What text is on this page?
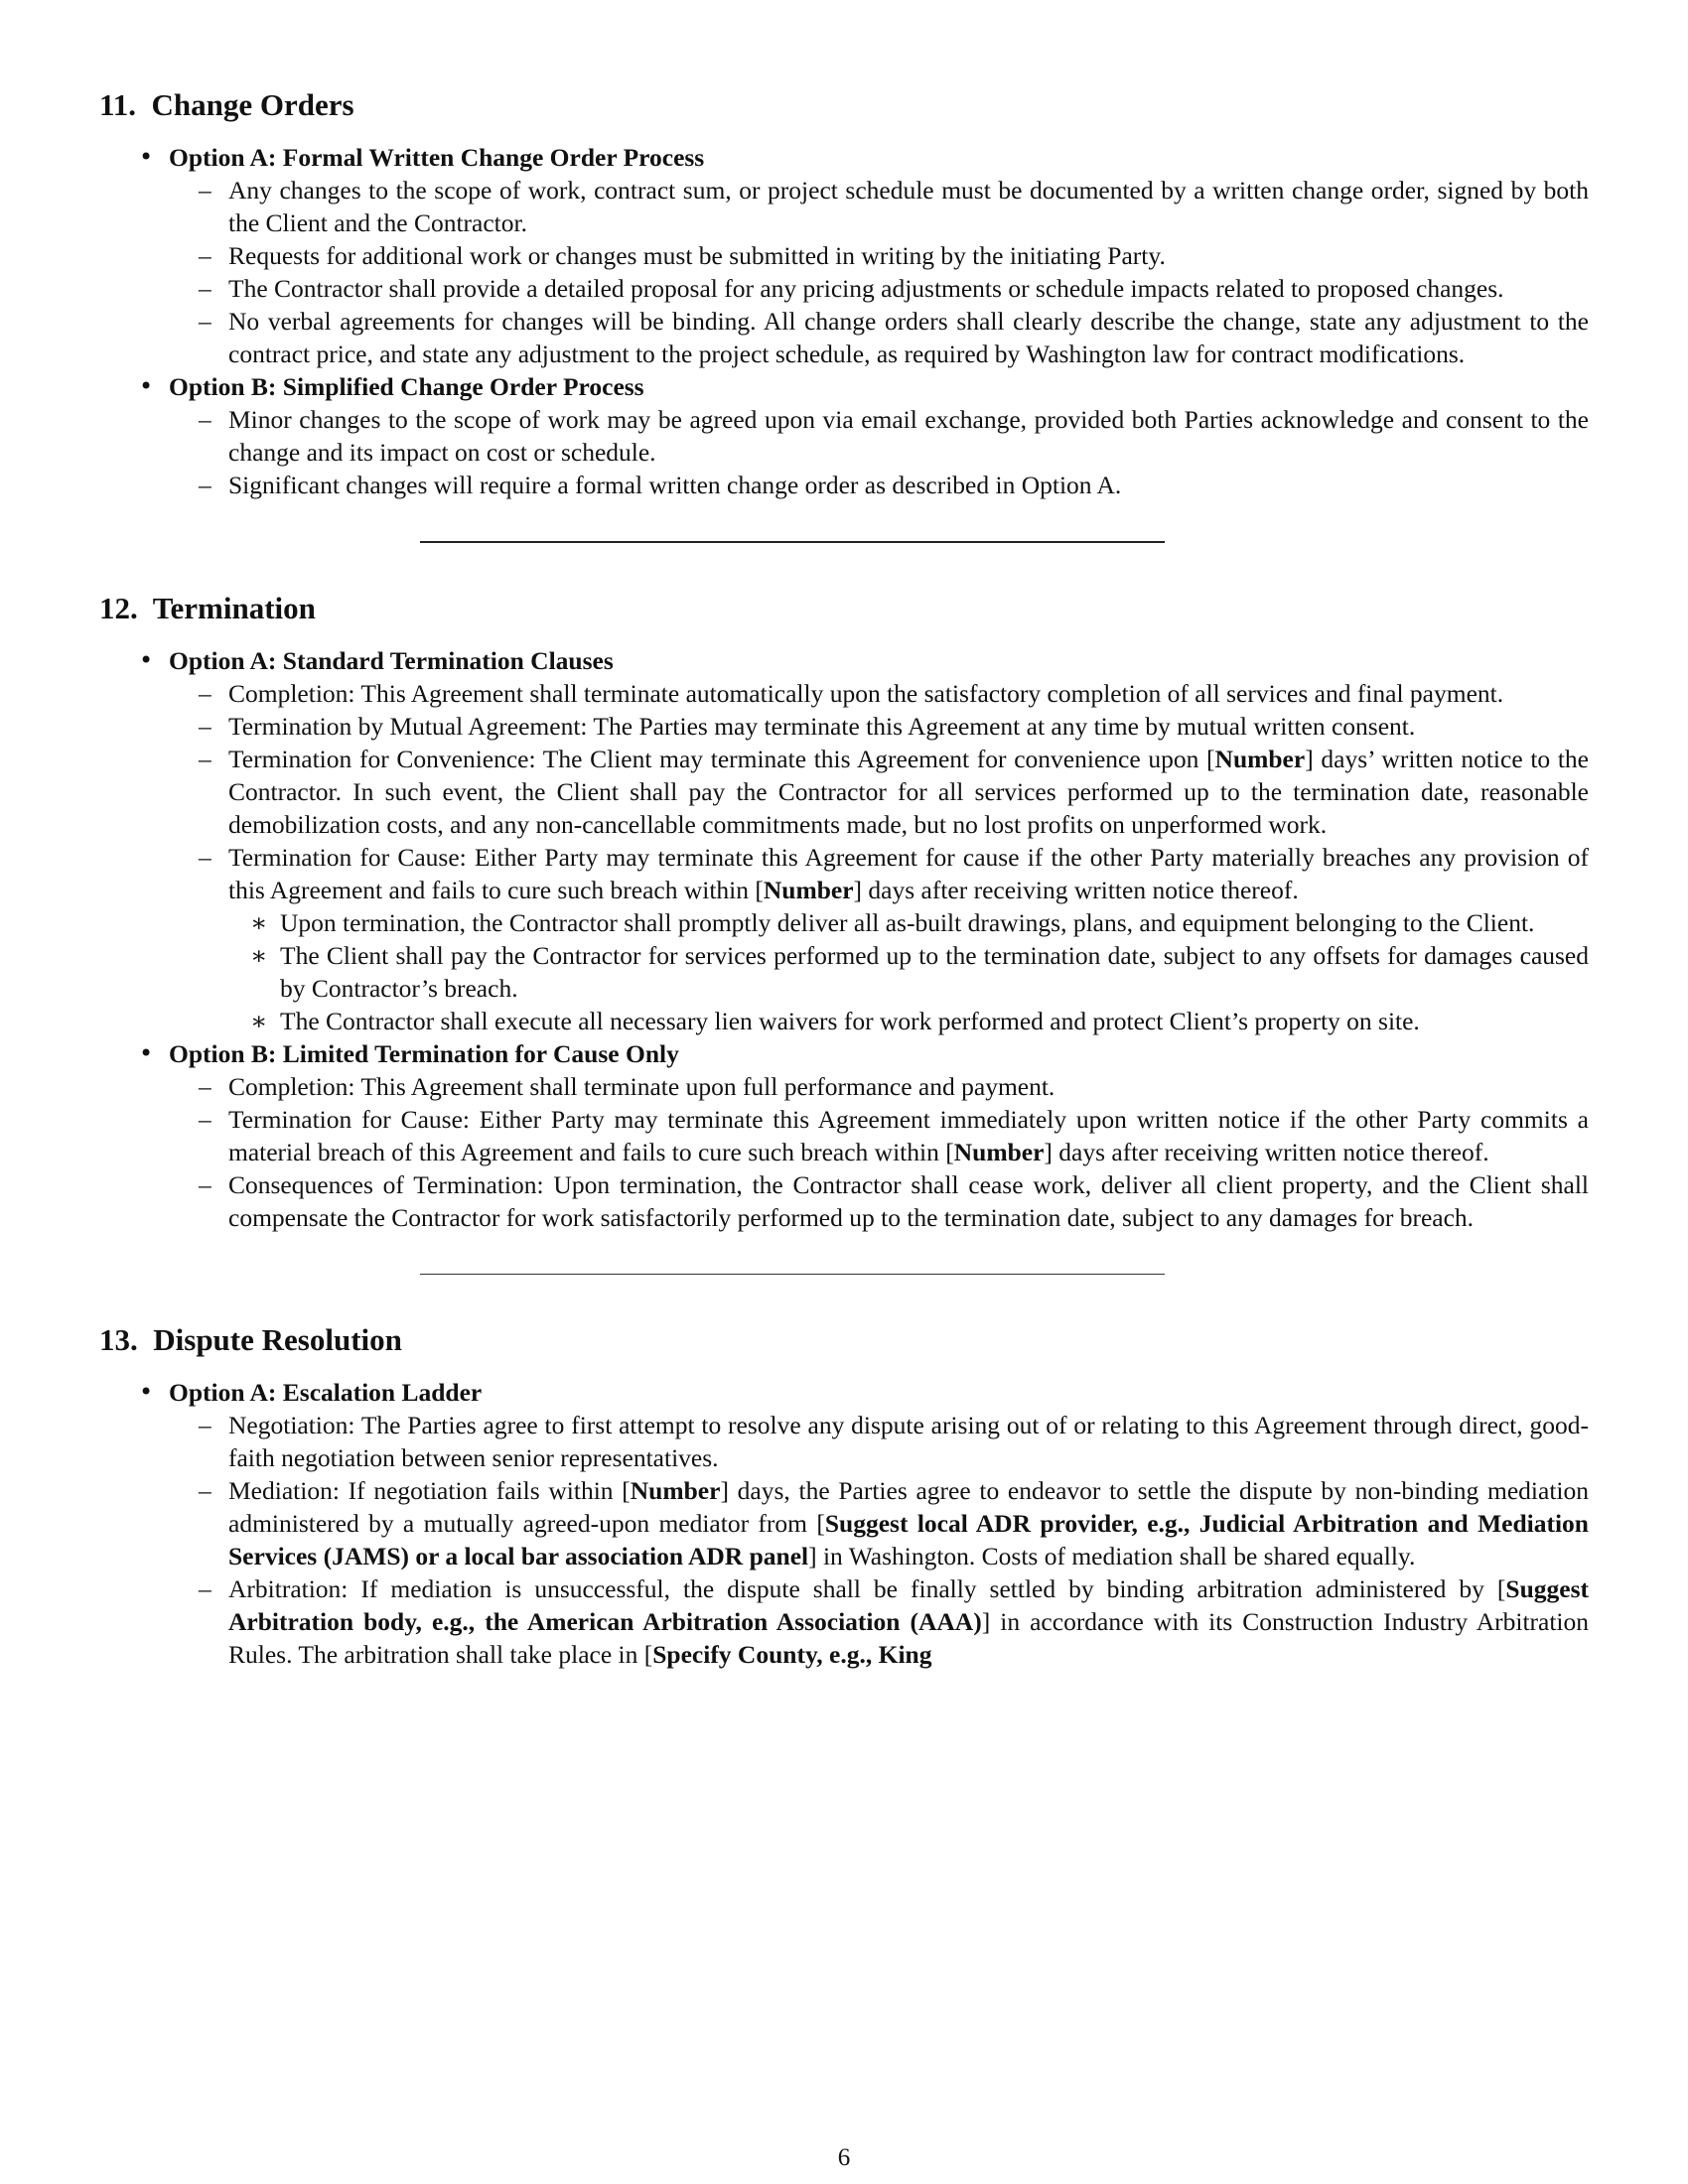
11. Change Orders
• Option A: Formal Written Change Order Process
– Any changes to the scope of work, contract sum, or project schedule must be documented by a written change order, signed by both the Client and the Contractor.
– Requests for additional work or changes must be submitted in writing by the initiating Party.
– The Contractor shall provide a detailed proposal for any pricing adjustments or schedule impacts related to proposed changes.
– No verbal agreements for changes will be binding. All change orders shall clearly describe the change, state any adjustment to the contract price, and state any adjustment to the project schedule, as required by Washington law for contract modifications.
• Option B: Simplified Change Order Process
– Minor changes to the scope of work may be agreed upon via email exchange, provided both Parties acknowledge and consent to the change and its impact on cost or schedule.
– Significant changes will require a formal written change order as described in Option A.
12. Termination
• Option A: Standard Termination Clauses
– Completion: This Agreement shall terminate automatically upon the satisfactory completion of all services and final payment.
– Termination by Mutual Agreement: The Parties may terminate this Agreement at any time by mutual written consent.
– Termination for Convenience: The Client may terminate this Agreement for convenience upon [Number] days’ written notice to the Contractor. In such event, the Client shall pay the Contractor for all services performed up to the termination date, reasonable demobilization costs, and any non-cancellable commitments made, but no lost profits on unperformed work.
– Termination for Cause: Either Party may terminate this Agreement for cause if the other Party materially breaches any provision of this Agreement and fails to cure such breach within [Number] days after receiving written notice thereof.
∗ Upon termination, the Contractor shall promptly deliver all as-built drawings, plans, and equipment belonging to the Client.
∗ The Client shall pay the Contractor for services performed up to the termination date, subject to any offsets for damages caused by Contractor’s breach.
∗ The Contractor shall execute all necessary lien waivers for work performed and protect Client’s property on site.
• Option B: Limited Termination for Cause Only
– Completion: This Agreement shall terminate upon full performance and payment.
– Termination for Cause: Either Party may terminate this Agreement immediately upon written notice if the other Party commits a material breach of this Agreement and fails to cure such breach within [Number] days after receiving written notice thereof.
– Consequences of Termination: Upon termination, the Contractor shall cease work, deliver all client property, and the Client shall compensate the Contractor for work satisfactorily performed up to the termination date, subject to any damages for breach.
13. Dispute Resolution
• Option A: Escalation Ladder
– Negotiation: The Parties agree to first attempt to resolve any dispute arising out of or relating to this Agreement through direct, good-faith negotiation between senior representatives.
– Mediation: If negotiation fails within [Number] days, the Parties agree to endeavor to settle the dispute by non-binding mediation administered by a mutually agreed-upon mediator from [Suggest local ADR provider, e.g., Judicial Arbitration and Mediation Services (JAMS) or a local bar association ADR panel] in Washington. Costs of mediation shall be shared equally.
– Arbitration: If mediation is unsuccessful, the dispute shall be finally settled by binding arbitration administered by [Suggest Arbitration body, e.g., the American Arbitration Association (AAA)] in accordance with its Construction Industry Arbitration Rules. The arbitration shall take place in [Specify County, e.g., King
6
